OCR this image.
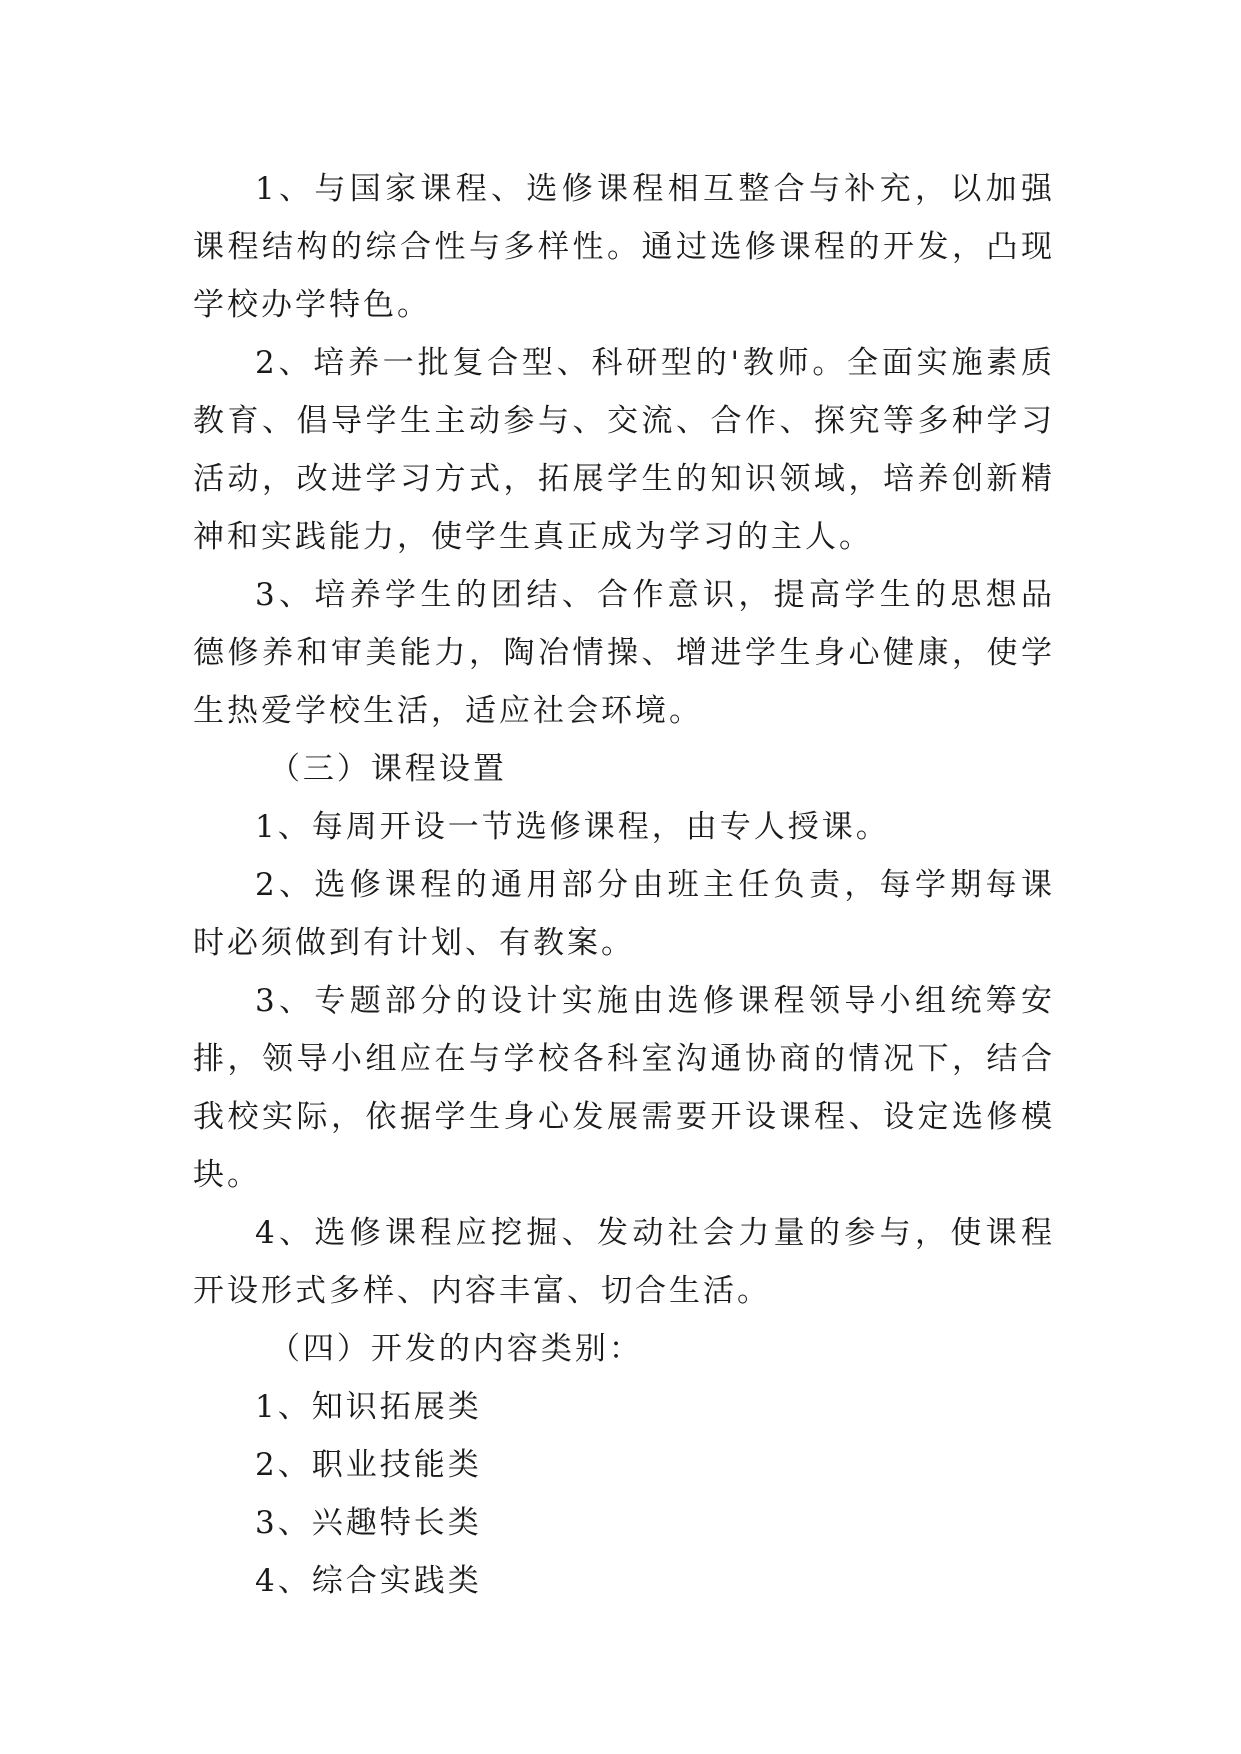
1、与国家课程、选修课程相互整合与补充，以加强课程结构的综合性与多样性。通过选修课程的开发，凸现学校办学特色。

2、培养一批复合型、科研型的'教师。全面实施素质教育、倡导学生主动参与、交流、合作、探究等多种学习活动，改进学习方式，拓展学生的知识领域，培养创新精神和实践能力，使学生真正成为学习的主人。

3、培养学生的团结、合作意识，提高学生的思想品德修养和审美能力，陶冶情操、增进学生身心健康，使学生热爱学校生活，适应社会环境。

（三）课程设置

1、每周开设一节选修课程，由专人授课。

2、选修课程的通用部分由班主任负责，每学期每课时必须做到有计划、有教案。

3、专题部分的设计实施由选修课程领导小组统筹安排，领导小组应在与学校各科室沟通协商的情况下，结合我校实际，依据学生身心发展需要开设课程、设定选修模块。

4、选修课程应挖掘、发动社会力量的参与，使课程开设形式多样、内容丰富、切合生活。

（四）开发的内容类别：

1、知识拓展类

2、职业技能类

3、兴趣特长类

4、综合实践类
